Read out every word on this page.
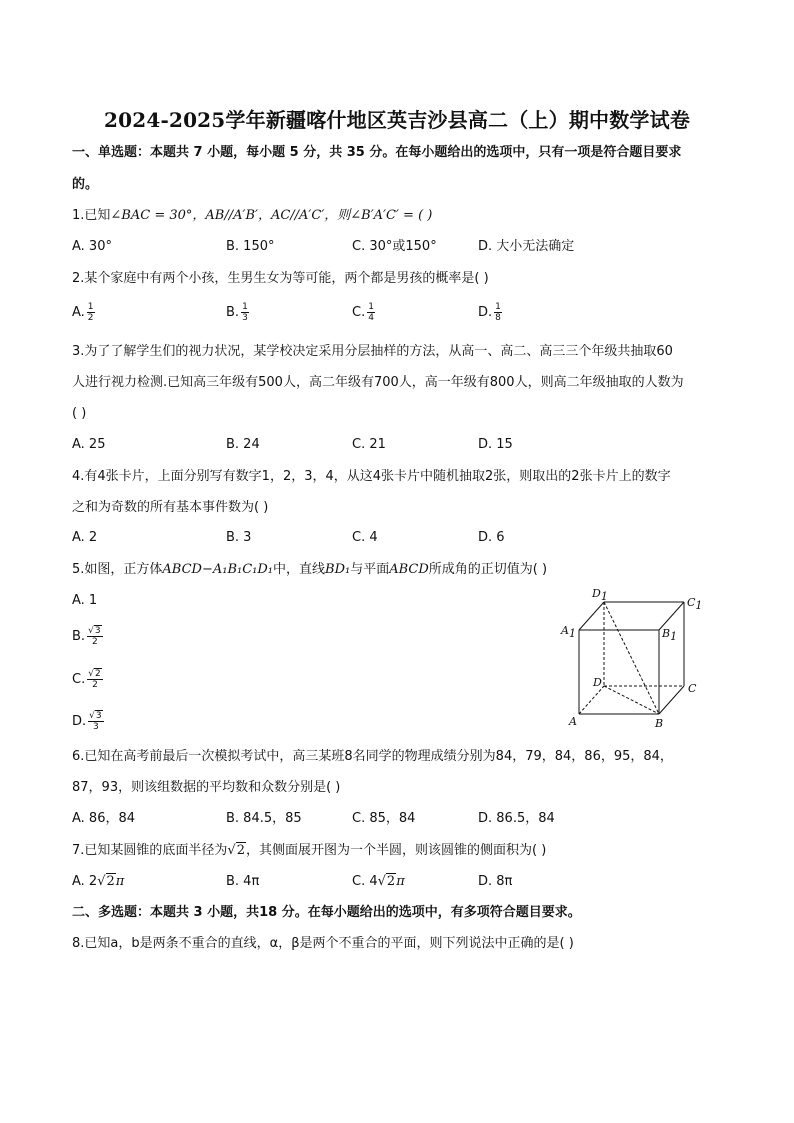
2024-2025学年新疆喀什地区英吉沙县高二（上）期中数学试卷
一、单选题：本题共 7 小题，每小题 5 分，共 35 分。在每小题给出的选项中，只有一项是符合题目要求
的。
1.已知∠BAC = 30°，AB//A′B′，AC//A′C′，则∠B′A′C′ = ( )
A. 30°	B. 150°	C. 30°或150°	D. 大小无法确定
2.某个家庭中有两个小孩，生男生女为等可能，两个都是男孩的概率是( )
A. $\frac{1}{2}$	B. $\frac{1}{3}$	C. $\frac{1}{4}$	D. $\frac{1}{8}$
3.为了了解学生们的视力状况，某学校决定采用分层抽样的方法，从高一、高二、高三三个年级共抽取60
人进行视力检测.已知高三年级有500人，高二年级有700人，高一年级有800人，则高二年级抽取的人数为
( )
A. 25	B. 24	C. 21	D. 15
4.有4张卡片，上面分别写有数字1，2，3，4，从这4张卡片中随机抽取2张，则取出的2张卡片上的数字
之和为奇数的所有基本事件数为( )
A. 2	B. 3	C. 4	D. 6
5.如图，正方体ABCD−A₁B₁C₁D₁中，直线BD₁与平面ABCD所成角的正切值为( )
A. 1
B. $\frac{√3}{2}$
C. $\frac{√2}{2}$
D. $\frac{√3}{3}$
D1	C1
A1	B1
D	C
A	B
6.已知在高考前最后一次模拟考试中，高三某班8名同学的物理成绩分别为84，79，84，86，95，84，
87，93，则该组数据的平均数和众数分别是( )
A. 86，84	B. 84.5，85	C. 85，84	D. 86.5，84
7.已知某圆锥的底面半径为√2，其侧面展开图为一个半圆，则该圆锥的侧面积为( )
A. 2√2π	B. 4π	C. 4√2π	D. 8π
二、多选题：本题共 3 小题，共18 分。在每小题给出的选项中，有多项符合题目要求。
8.已知a，b是两条不重合的直线，α，β是两个不重合的平面，则下列说法中正确的是( )
